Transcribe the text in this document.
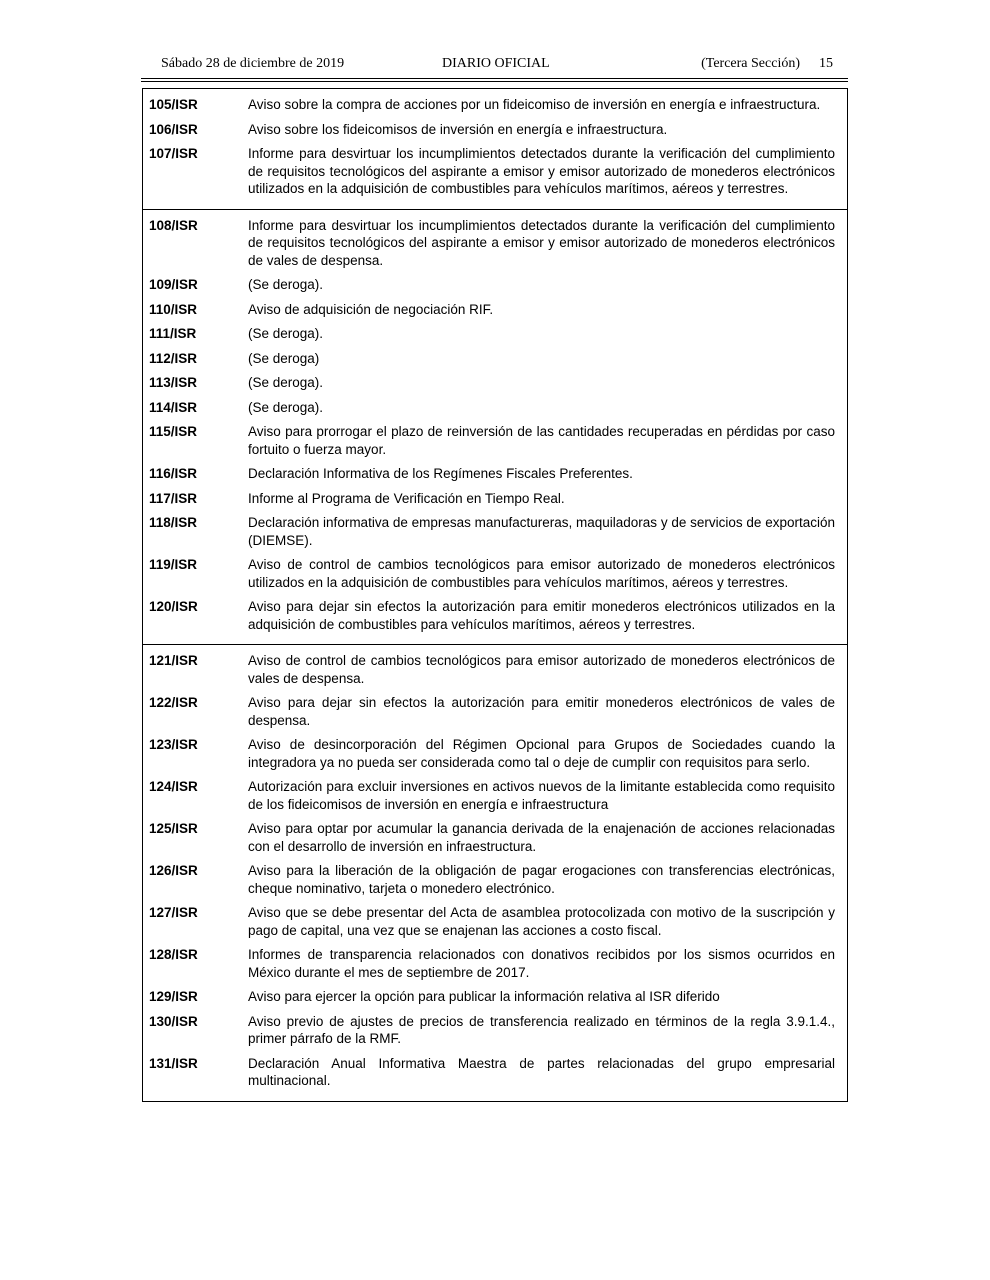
Sábado 28 de diciembre de 2019	DIARIO OFICIAL	(Tercera Sección) 15
105/ISR	Aviso sobre la compra de acciones por un fideicomiso de inversión en energía e infraestructura.
106/ISR	Aviso sobre los fideicomisos de inversión en energía e infraestructura.
107/ISR	Informe para desvirtuar los incumplimientos detectados durante la verificación del cumplimiento de requisitos tecnológicos del aspirante a emisor y emisor autorizado de monederos electrónicos utilizados en la adquisición de combustibles para vehículos marítimos, aéreos y terrestres.
108/ISR	Informe para desvirtuar los incumplimientos detectados durante la verificación del cumplimiento de requisitos tecnológicos del aspirante a emisor y emisor autorizado de monederos electrónicos de vales de despensa.
109/ISR	(Se deroga).
110/ISR	Aviso de adquisición de negociación RIF.
111/ISR	(Se deroga).
112/ISR	(Se deroga)
113/ISR	(Se deroga).
114/ISR	(Se deroga).
115/ISR	Aviso para prorrogar el plazo de reinversión de las cantidades recuperadas en pérdidas por caso fortuito o fuerza mayor.
116/ISR	Declaración Informativa de los Regímenes Fiscales Preferentes.
117/ISR	Informe al Programa de Verificación en Tiempo Real.
118/ISR	Declaración informativa de empresas manufactureras, maquiladoras y de servicios de exportación (DIEMSE).
119/ISR	Aviso de control de cambios tecnológicos para emisor autorizado de monederos electrónicos utilizados en la adquisición de combustibles para vehículos marítimos, aéreos y terrestres.
120/ISR	Aviso para dejar sin efectos la autorización para emitir monederos electrónicos utilizados en la adquisición de combustibles para vehículos marítimos, aéreos y terrestres.
121/ISR	Aviso de control de cambios tecnológicos para emisor autorizado de monederos electrónicos de vales de despensa.
122/ISR	Aviso para dejar sin efectos la autorización para emitir monederos electrónicos de vales de despensa.
123/ISR	Aviso de desincorporación del Régimen Opcional para Grupos de Sociedades cuando la integradora ya no pueda ser considerada como tal o deje de cumplir con requisitos para serlo.
124/ISR	Autorización para excluir inversiones en activos nuevos de la limitante establecida como requisito de los fideicomisos de inversión en energía e infraestructura
125/ISR	Aviso para optar por acumular la ganancia derivada de la enajenación de acciones relacionadas con el desarrollo de inversión en infraestructura.
126/ISR	Aviso para la liberación de la obligación de pagar erogaciones con transferencias electrónicas, cheque nominativo, tarjeta o monedero electrónico.
127/ISR	Aviso que se debe presentar del Acta de asamblea protocolizada con motivo de la suscripción y pago de capital, una vez que se enajenan las acciones a costo fiscal.
128/ISR	Informes de transparencia relacionados con donativos recibidos por los sismos ocurridos en México durante el mes de septiembre de 2017.
129/ISR	Aviso para ejercer la opción para publicar la información relativa al ISR diferido
130/ISR	Aviso previo de ajustes de precios de transferencia realizado en términos de la regla 3.9.1.4., primer párrafo de la RMF.
131/ISR	Declaración Anual Informativa Maestra de partes relacionadas del grupo empresarial multinacional.
